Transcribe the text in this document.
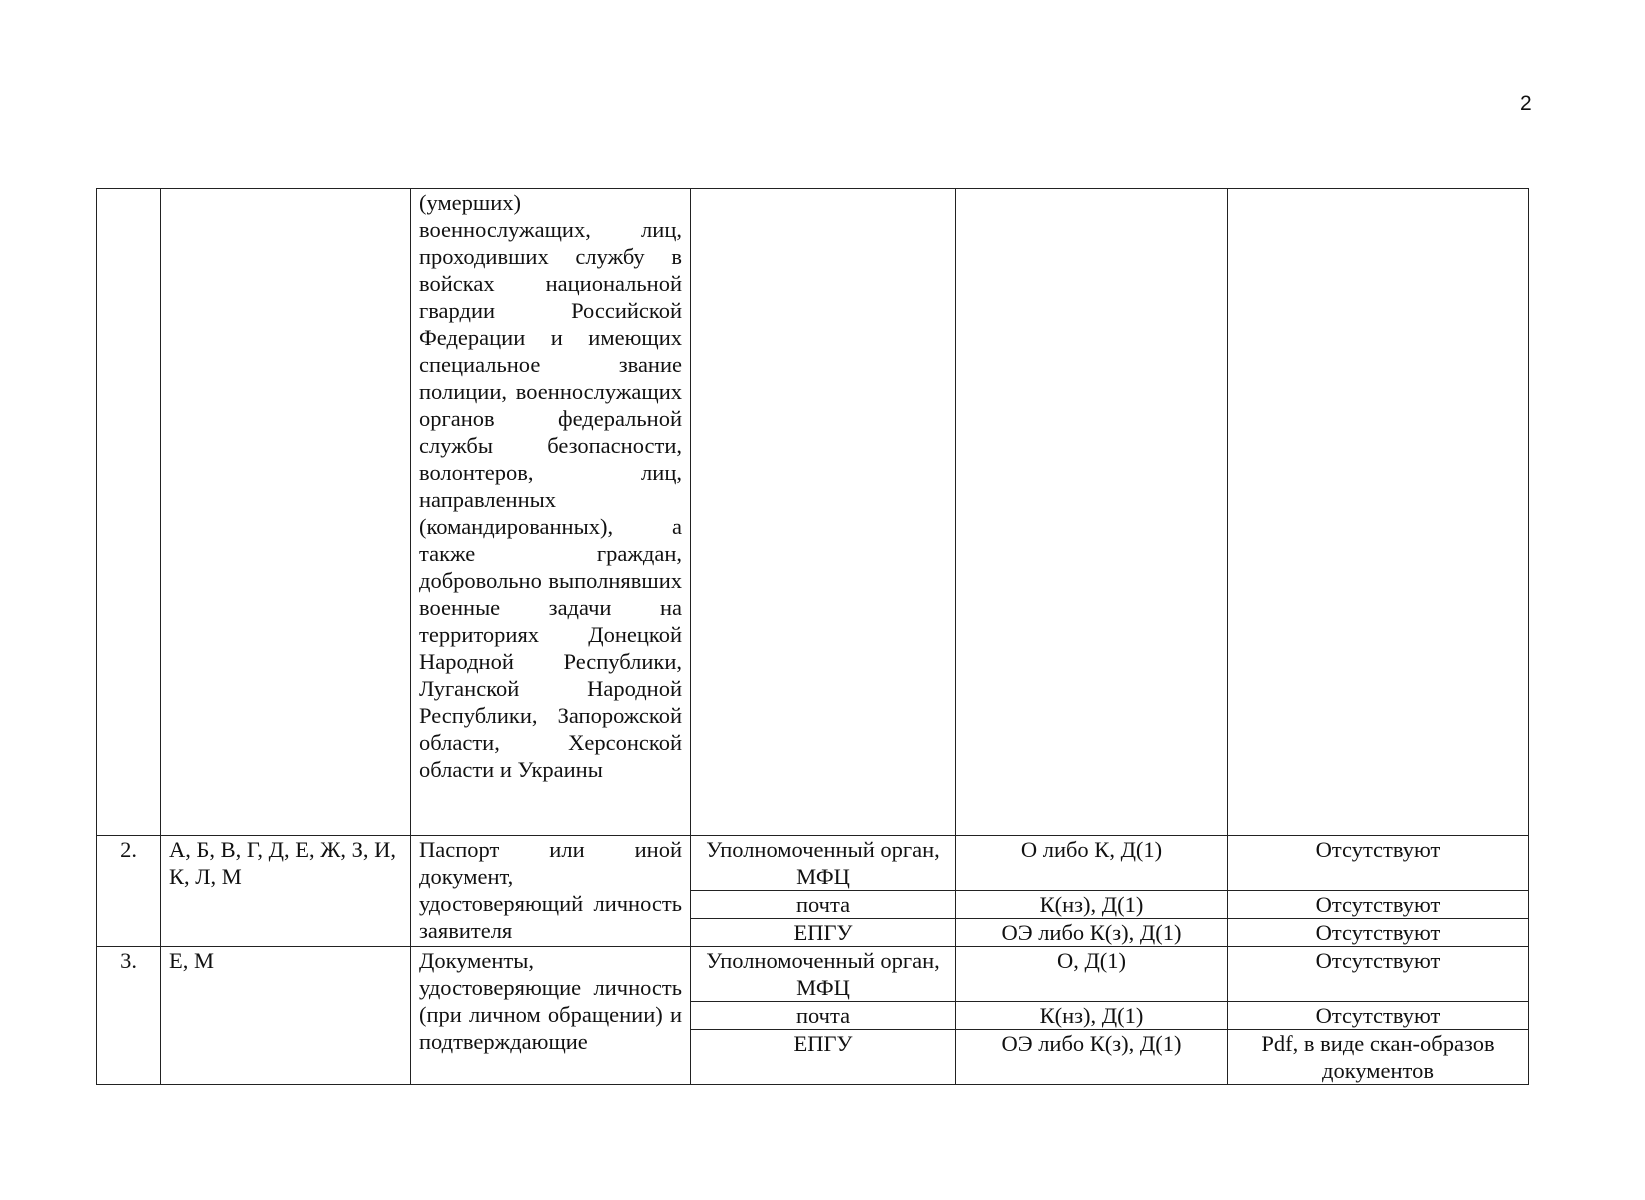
2
		(умерших) военнослужащих, лиц, проходивших службу в войсках национальной гвардии Российской Федерации и имеющих специальное звание полиции, военнослужащих органов федеральной службы безопасности, волонтеров, лиц, направленных (командированных), а также граждан, добровольно выполнявших военные задачи на территориях Донецкой Народной Республики, Луганской Народной Республики, Запорожской области, Херсонской области и Украины			
2.	А, Б, В, Г, Д, Е, Ж, З, И, К, Л, М	Паспорт или иной документ, удостоверяющий личность заявителя	Уполномоченный орган, МФЦ	О либо К, Д(1)	Отсутствуют
			почта	К(нз), Д(1)	Отсутствуют
			ЕПГУ	ОЭ либо К(з), Д(1)	Отсутствуют
3.	Е, М	Документы, удостоверяющие личность (при личном обращении) и подтверждающие	Уполномоченный орган, МФЦ	О, Д(1)	Отсутствуют
			почта	К(нз), Д(1)	Отсутствуют
			ЕПГУ	ОЭ либо К(з), Д(1)	Pdf, в виде скан-образов документов
